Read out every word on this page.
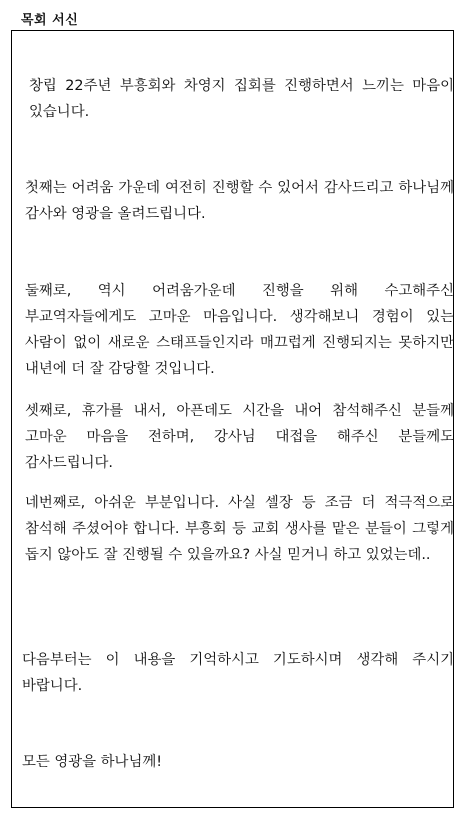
목회 서신

창립 22주년 부흥회와 차영지 집회를 진행하면서 느끼는 마음이 있습니다.

첫째는 어려움 가운데 여전히 진행할 수 있어서 감사드리고 하나님께 감사와 영광을 올려드립니다.

둘째로, 역시 어려움가운데 진행을 위해 수고해주신 부교역자들에게도 고마운 마음입니다. 생각해보니 경험이 있는 사람이 없이 새로운 스태프들인지라 매끄럽게 진행되지는 못하지만 내년에 더 잘 감당할 것입니다.

셋째로, 휴가를 내서, 아픈데도 시간을 내어 참석해주신 분들께 고마운 마음을 전하며, 강사님 대접을 해주신 분들께도 감사드립니다.

네번째로, 아쉬운 부분입니다. 사실 셀장 등 조금 더 적극적으로 참석해 주셨어야 합니다. 부흥회 등 교회 생사를 맡은 분들이 그렇게 돕지 않아도 잘 진행될 수 있을까요? 사실 믿거니 하고 있었는데..

다음부터는 이 내용을 기억하시고 기도하시며 생각해 주시기 바랍니다.

모든 영광을 하나님께!
